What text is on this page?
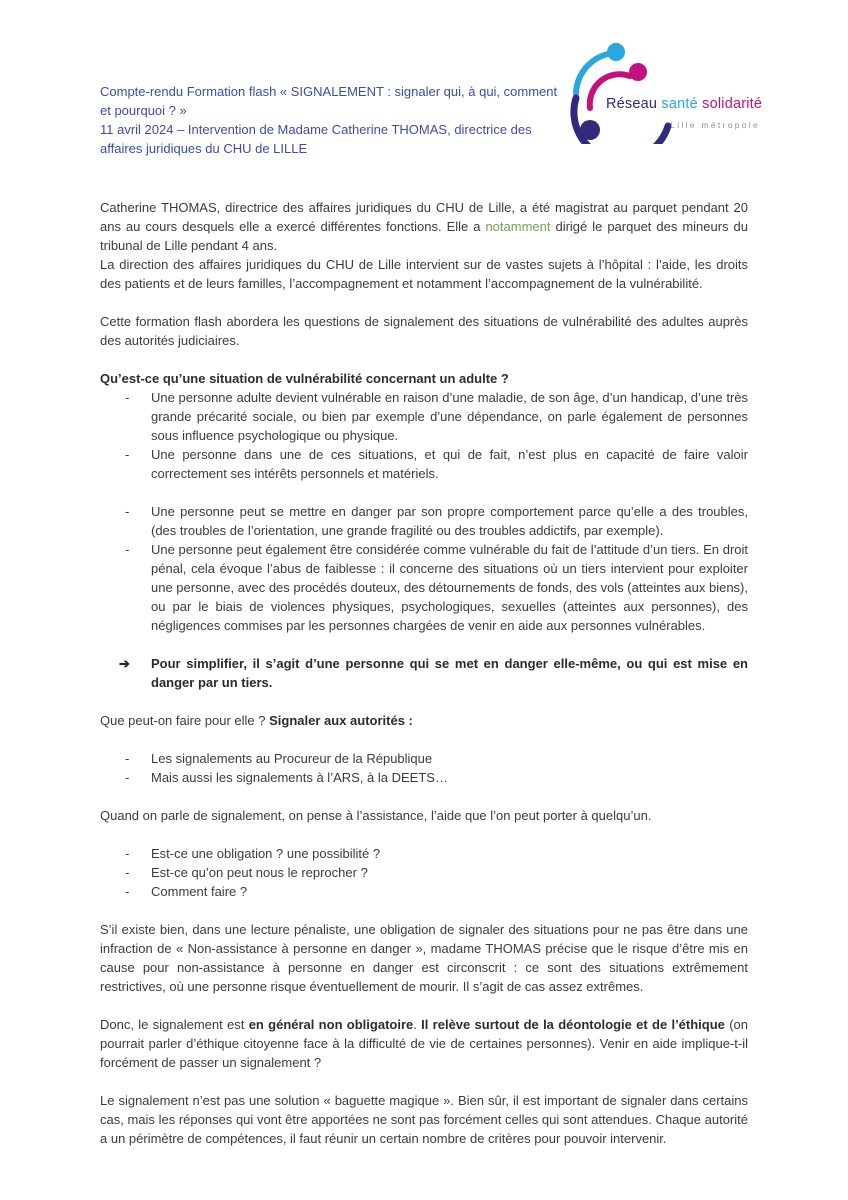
Réseau santé solidarité
Lille métropole
Compte-rendu Formation flash « SIGNALEMENT : signaler qui, à qui, comment et pourquoi ? »
11 avril 2024 – Intervention de Madame Catherine THOMAS, directrice des affaires juridiques du CHU de LILLE
Catherine THOMAS, directrice des affaires juridiques du CHU de Lille, a été magistrat au parquet pendant 20 ans au cours desquels elle a exercé différentes fonctions. Elle a notamment dirigé le parquet des mineurs du tribunal de Lille pendant 4 ans.
La direction des affaires juridiques du CHU de Lille intervient sur de vastes sujets à l’hôpital : l’aide, les droits des patients et de leurs familles, l’accompagnement et notamment l’accompagnement de la vulnérabilité.
Cette formation flash abordera les questions de signalement des situations de vulnérabilité des adultes auprès des autorités judiciaires.
Qu’est-ce qu’une situation de vulnérabilité concernant un adulte ?
- Une personne adulte devient vulnérable en raison d’une maladie, de son âge, d’un handicap, d’une très grande précarité sociale, ou bien par exemple d’une dépendance, on parle également de personnes sous influence psychologique ou physique.
- Une personne dans une de ces situations, et qui de fait, n’est plus en capacité de faire valoir correctement ses intérêts personnels et matériels.
- Une personne peut se mettre en danger par son propre comportement parce qu’elle a des troubles, (des troubles de l’orientation, une grande fragilité ou des troubles addictifs, par exemple).
- Une personne peut également être considérée comme vulnérable du fait de l’attitude d’un tiers. En droit pénal, cela évoque l’abus de faiblesse : il concerne des situations où un tiers intervient pour exploiter une personne, avec des procédés douteux, des détournements de fonds, des vols (atteintes aux biens), ou par le biais de violences physiques, psychologiques, sexuelles (atteintes aux personnes), des négligences commises par les personnes chargées de venir en aide aux personnes vulnérables.
➔ Pour simplifier, il s’agit d’une personne qui se met en danger elle-même, ou qui est mise en danger par un tiers.
Que peut-on faire pour elle ? Signaler aux autorités :
- Les signalements au Procureur de la République
- Mais aussi les signalements à l’ARS, à la DEETS…
Quand on parle de signalement, on pense à l’assistance, l’aide que l’on peut porter à quelqu’un.
- Est-ce une obligation ? une possibilité ?
- Est-ce qu’on peut nous le reprocher ?
- Comment faire ?
S’il existe bien, dans une lecture pénaliste, une obligation de signaler des situations pour ne pas être dans une infraction de « Non-assistance à personne en danger », madame THOMAS précise que le risque d’être mis en cause pour non-assistance à personne en danger est circonscrit : ce sont des situations extrêmement restrictives, où une personne risque éventuellement de mourir. Il s’agit de cas assez extrêmes.
Donc, le signalement est en général non obligatoire. Il relève surtout de la déontologie et de l’éthique (on pourrait parler d’éthique citoyenne face à la difficulté de vie de certaines personnes). Venir en aide implique-t-il forcément de passer un signalement ?
Le signalement n’est pas une solution « baguette magique ». Bien sûr, il est important de signaler dans certains cas, mais les réponses qui vont être apportées ne sont pas forcément celles qui sont attendues. Chaque autorité a un périmètre de compétences, il faut réunir un certain nombre de critères pour pouvoir intervenir.
